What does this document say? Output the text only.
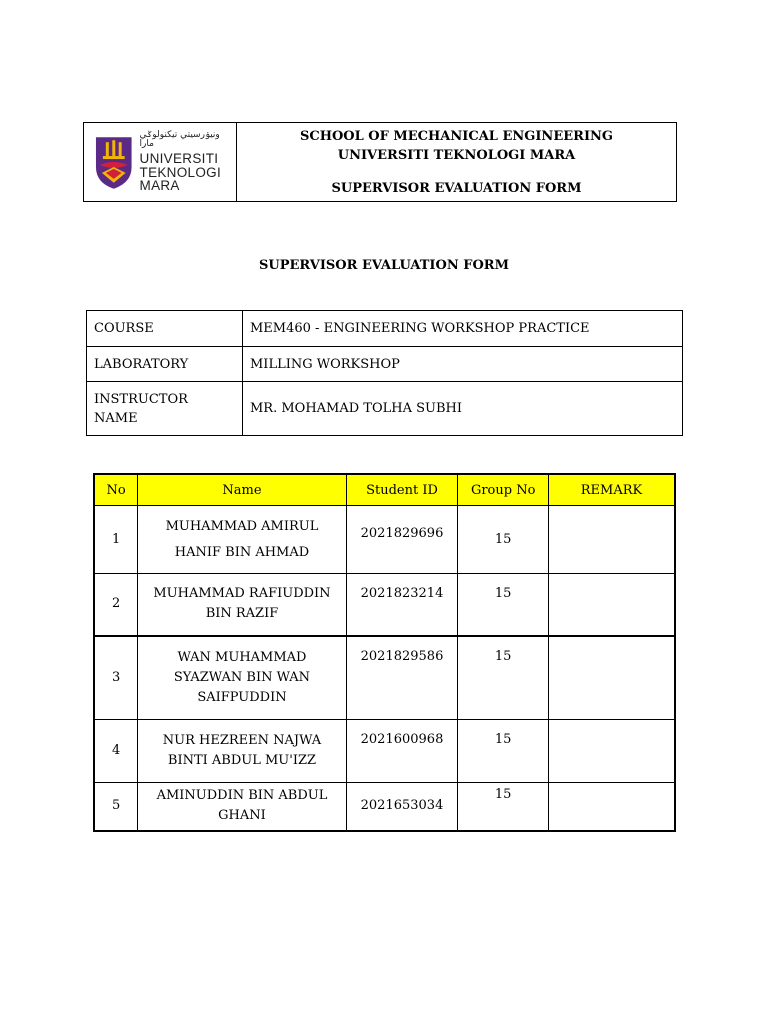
ونيۏرسيتي تيكنولوݢي مارا
UNIVERSITI
TEKNOLOGI
MARA
SCHOOL OF MECHANICAL ENGINEERING
UNIVERSITI TEKNOLOGI MARA
SUPERVISOR EVALUATION FORM
SUPERVISOR EVALUATION FORM
COURSE	MEM460 - ENGINEERING WORKSHOP PRACTICE
LABORATORY	MILLING WORKSHOP
INSTRUCTOR NAME	MR. MOHAMAD TOLHA SUBHI
No	Name	Student ID	Group No	REMARK
1	MUHAMMAD AMIRUL HANIF BIN AHMAD	2021829696	15	
2	MUHAMMAD RAFIUDDIN BIN RAZIF	2021823214	15	
3	WAN MUHAMMAD SYAZWAN BIN WAN SAIFPUDDIN	2021829586	15	
4	NUR HEZREEN NAJWA BINTI ABDUL MU'IZZ	2021600968	15	
5	AMINUDDIN BIN ABDUL GHANI	2021653034	15	
